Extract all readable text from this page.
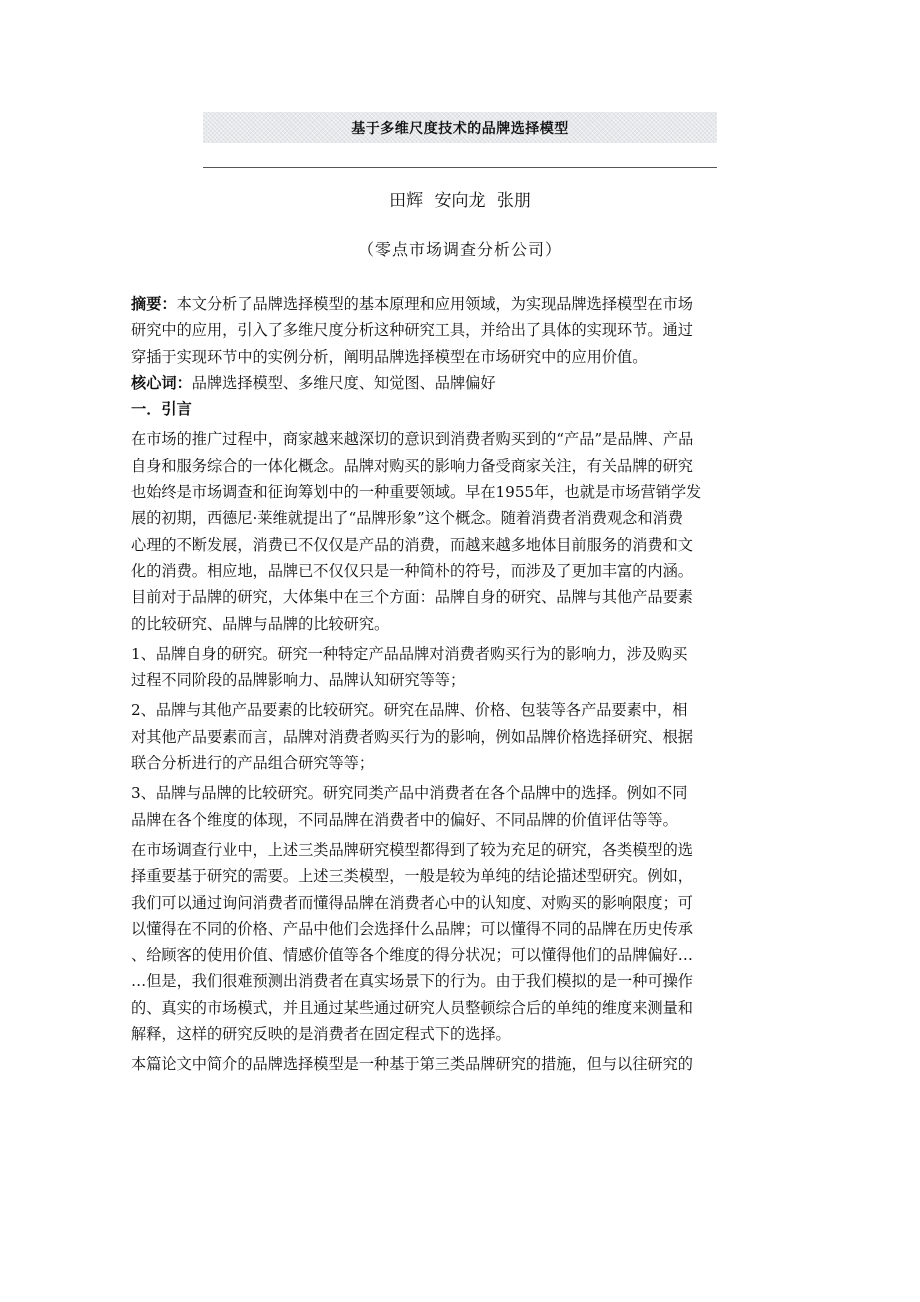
基于多维尺度技术的品牌选择模型
田辉 安向龙 张朋
（零点市场调查分析公司）
摘要：本文分析了品牌选择模型的基本原理和应用领域，为实现品牌选择模型在市场
研究中的应用，引入了多维尺度分析这种研究工具，并给出了具体的实现环节。通过
穿插于实现环节中的实例分析，阐明品牌选择模型在市场研究中的应用价值。
核心词：品牌选择模型、多维尺度、知觉图、品牌偏好
一．引言
在市场的推广过程中，商家越来越深切的意识到消费者购买到的“产品”是品牌、产品
自身和服务综合的一体化概念。品牌对购买的影响力备受商家关注，有关品牌的研究
也始终是市场调查和征询筹划中的一种重要领域。早在1955年，也就是市场营销学发
展的初期，西德尼·莱维就提出了“品牌形象”这个概念。随着消费者消费观念和消费
心理的不断发展，消费已不仅仅是产品的消费，而越来越多地体目前服务的消费和文
化的消费。相应地，品牌已不仅仅只是一种简朴的符号，而涉及了更加丰富的内涵。
目前对于品牌的研究，大体集中在三个方面：品牌自身的研究、品牌与其他产品要素
的比较研究、品牌与品牌的比较研究。
1、品牌自身的研究。研究一种特定产品品牌对消费者购买行为的影响力，涉及购买
过程不同阶段的品牌影响力、品牌认知研究等等；
2、品牌与其他产品要素的比较研究。研究在品牌、价格、包装等各产品要素中，相
对其他产品要素而言，品牌对消费者购买行为的影响，例如品牌价格选择研究、根据
联合分析进行的产品组合研究等等；
3、品牌与品牌的比较研究。研究同类产品中消费者在各个品牌中的选择。例如不同
品牌在各个维度的体现，不同品牌在消费者中的偏好、不同品牌的价值评估等等。
在市场调查行业中，上述三类品牌研究模型都得到了较为充足的研究，各类模型的选
择重要基于研究的需要。上述三类模型，一般是较为单纯的结论描述型研究。例如，
我们可以通过询问消费者而懂得品牌在消费者心中的认知度、对购买的影响限度；可
以懂得在不同的价格、产品中他们会选择什么品牌；可以懂得不同的品牌在历史传承
、给顾客的使用价值、情感价值等各个维度的得分状况；可以懂得他们的品牌偏好…
…但是，我们很难预测出消费者在真实场景下的行为。由于我们模拟的是一种可操作
的、真实的市场模式，并且通过某些通过研究人员整顿综合后的单纯的维度来测量和
解释，这样的研究反映的是消费者在固定程式下的选择。
本篇论文中简介的品牌选择模型是一种基于第三类品牌研究的措施，但与以往研究的
